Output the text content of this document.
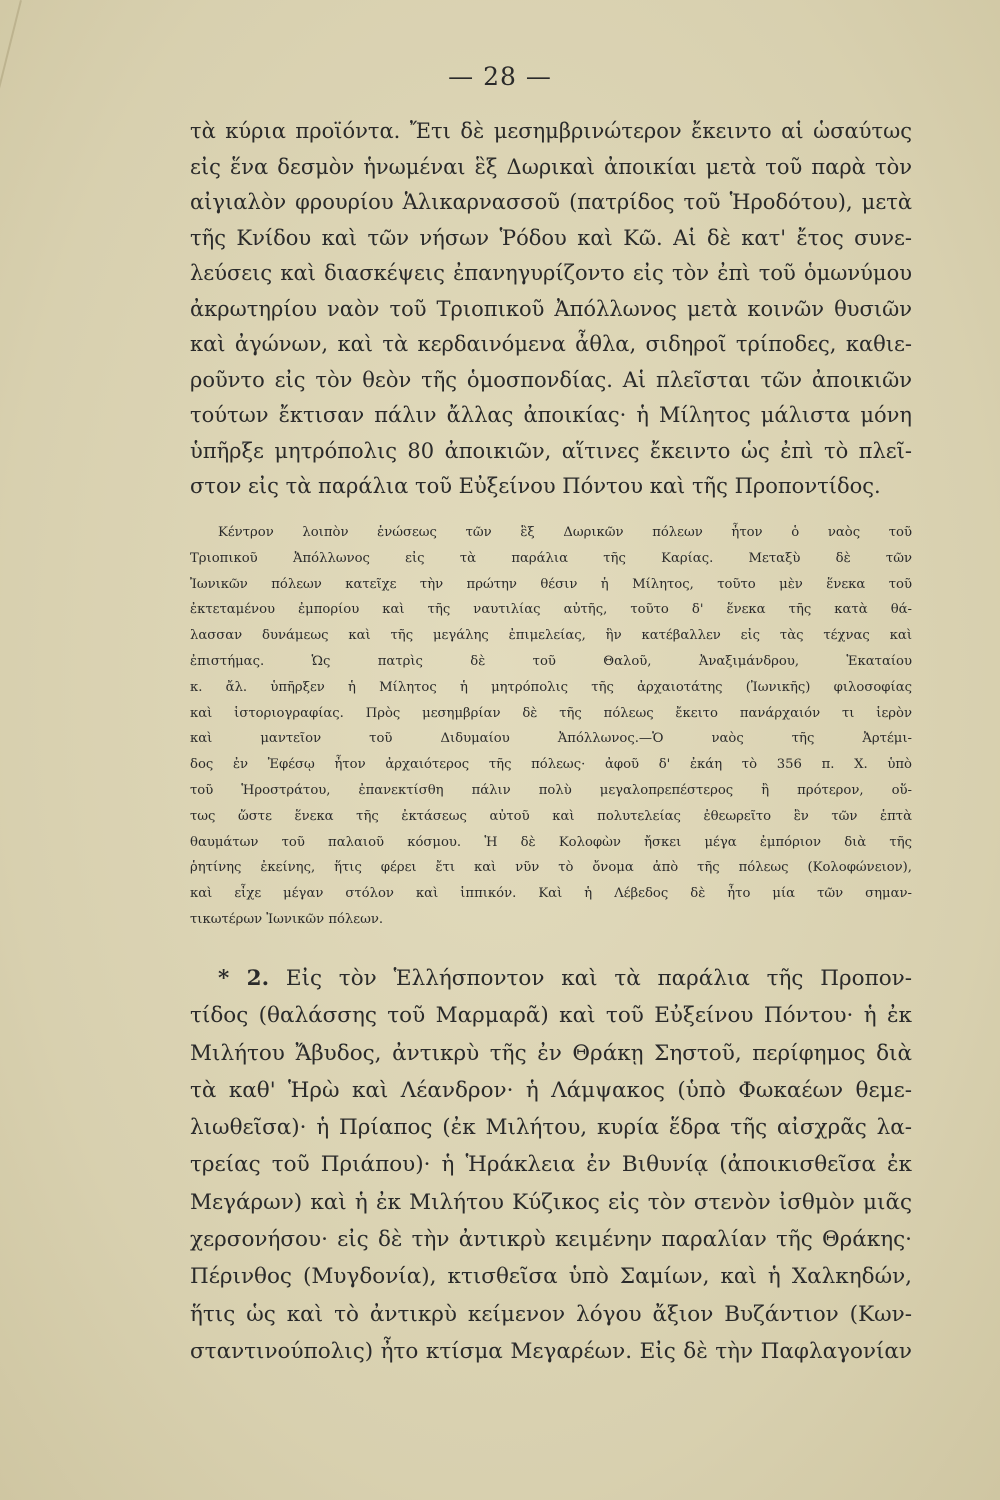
— 28 —
τὰ κύρια προϊόντα. Ἔτι δὲ μεσημβρινώτερον ἔκειντο αἱ ὡσαύτως
εἰς ἕνα δεσμὸν ἡνωμέναι ἓξ Δωρικαὶ ἀποικίαι μετὰ τοῦ παρὰ τὸν
αἰγιαλὸν φρουρίου Ἁλικαρνασσοῦ (πατρίδος τοῦ Ἡροδότου), μετὰ
τῆς Κνίδου καὶ τῶν νήσων Ῥόδου καὶ Κῶ. Αἱ δὲ κατ' ἔτος συνε-
λεύσεις καὶ διασκέψεις ἐπανηγυρίζοντο εἰς τὸν ἐπὶ τοῦ ὁμωνύμου
ἀκρωτηρίου ναὸν τοῦ Τριοπικοῦ Ἀπόλλωνος μετὰ κοινῶν θυσιῶν
καὶ ἀγώνων, καὶ τὰ κερδαινόμενα ἆθλα, σιδηροῖ τρίποδες, καθιε-
ροῦντο εἰς τὸν θεὸν τῆς ὁμοσπονδίας. Αἱ πλεῖσται τῶν ἀποικιῶν
τούτων ἔκτισαν πάλιν ἄλλας ἀποικίας· ἡ Μίλητος μάλιστα μόνη
ὑπῆρξε μητρόπολις 80 ἀποικιῶν, αἵτινες ἔκειντο ὡς ἐπὶ τὸ πλεῖ-
στον εἰς τὰ παράλια τοῦ Εὐξείνου Πόντου καὶ τῆς Προποντίδος.
Κέντρον λοιπὸν ἑνώσεως τῶν ἓξ Δωρικῶν πόλεων ἦτον ὁ ναὸς τοῦ
Τριοπικοῦ Ἀπόλλωνος εἰς τὰ παράλια τῆς Καρίας. Μεταξὺ δὲ τῶν
Ἰωνικῶν πόλεων κατεῖχε τὴν πρώτην θέσιν ἡ Μίλητος, τοῦτο μὲν ἕνεκα τοῦ
ἐκτεταμένου ἐμπορίου καὶ τῆς ναυτιλίας αὐτῆς, τοῦτο δ' ἕνεκα τῆς κατὰ θά-
λασσαν δυνάμεως καὶ τῆς μεγάλης ἐπιμελείας, ἣν κατέβαλλεν εἰς τὰς τέχνας καὶ
ἐπιστήμας. Ὡς πατρὶς δὲ τοῦ Θαλοῦ, Ἀναξιμάνδρου, Ἑκαταίου
κ. ἄλ. ὑπῆρξεν ἡ Μίλητος ἡ μητρόπολις τῆς ἀρχαιοτάτης (Ἰωνικῆς) φιλοσοφίας
καὶ ἱστοριογραφίας. Πρὸς μεσημβρίαν δὲ τῆς πόλεως ἔκειτο πανάρχαιόν τι ἱερὸν
καὶ μαντεῖον τοῦ Διδυμαίου Ἀπόλλωνος.—Ὁ ναὸς τῆς Ἀρτέμι-
δος ἐν Ἐφέσῳ ἦτον ἀρχαιότερος τῆς πόλεως· ἀφοῦ δ' ἐκάη τὸ 356 π. Χ. ὑπὸ
τοῦ Ἡροστράτου, ἐπανεκτίσθη πάλιν πολὺ μεγαλοπρεπέστερος ἢ πρότερον, οὕ-
τως ὥστε ἕνεκα τῆς ἐκτάσεως αὐτοῦ καὶ πολυτελείας ἐθεωρεῖτο ἓν τῶν ἑπτὰ
θαυμάτων τοῦ παλαιοῦ κόσμου. Ἡ δὲ Κολοφὼν ἤσκει μέγα ἐμπόριον διὰ τῆς
ῥητίνης ἐκείνης, ἥτις φέρει ἔτι καὶ νῦν τὸ ὄνομα ἀπὸ τῆς πόλεως (Κολοφώνειον),
καὶ εἶχε μέγαν στόλον καὶ ἱππικόν. Καὶ ἡ Λέβεδος δὲ ἦτο μία τῶν σημαν-
τικωτέρων Ἰωνικῶν πόλεων.
* 2. Εἰς τὸν Ἑλλήσποντον καὶ τὰ παράλια τῆς Προπον-
τίδος (θαλάσσης τοῦ Μαρμαρᾶ) καὶ τοῦ Εὐξείνου Πόντου· ἡ ἐκ
Μιλήτου Ἄβυδος, ἀντικρὺ τῆς ἐν Θράκῃ Σηστοῦ, περίφημος διὰ
τὰ καθ' Ἡρὼ καὶ Λέανδρον· ἡ Λάμψακος (ὑπὸ Φωκαέων θεμε-
λιωθεῖσα)· ἡ Πρίαπος (ἐκ Μιλήτου, κυρία ἕδρα τῆς αἰσχρᾶς λα-
τρείας τοῦ Πριάπου)· ἡ Ἡράκλεια ἐν Βιθυνίᾳ (ἀποικισθεῖσα ἐκ
Μεγάρων) καὶ ἡ ἐκ Μιλήτου Κύζικος εἰς τὸν στενὸν ἰσθμὸν μιᾶς
χερσονήσου· εἰς δὲ τὴν ἀντικρὺ κειμένην παραλίαν τῆς Θράκης·
Πέρινθος (Μυγδονία), κτισθεῖσα ὑπὸ Σαμίων, καὶ ἡ Χαλκηδών,
ἥτις ὡς καὶ τὸ ἀντικρὺ κείμενον λόγου ἄξιον Βυζάντιον (Κων-
σταντινούπολις) ἦτο κτίσμα Μεγαρέων. Εἰς δὲ τὴν Παφλαγονίαν
